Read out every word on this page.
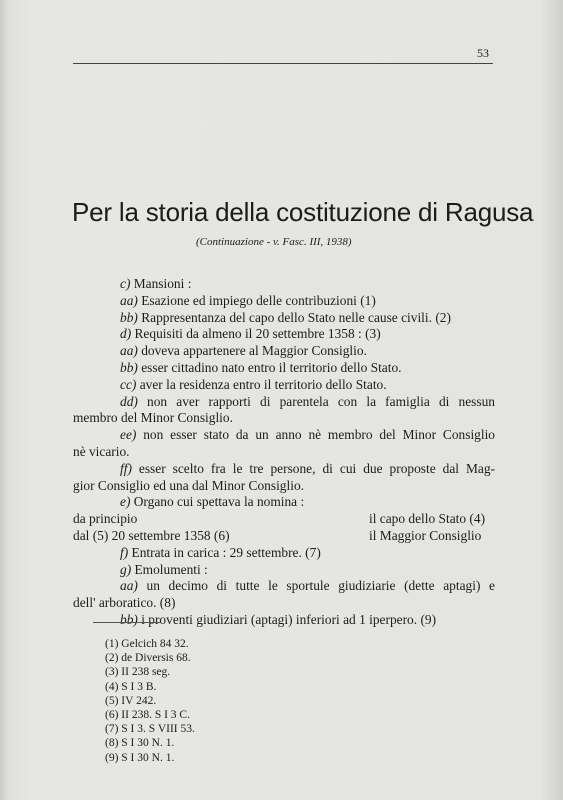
53
Per la storia della costituzione di Ragusa
(Continuazione - v. Fasc. III, 1938)
c) Mansioni :
aa) Esazione ed impiego delle contribuzioni (1)
bb) Rappresentanza del capo dello Stato nelle cause civili. (2)
d) Requisiti da almeno il 20 settembre 1358 : (3)
aa) doveva appartenere al Maggior Consiglio.
bb) esser cittadino nato entro il territorio dello Stato.
cc) aver la residenza entro il territorio dello Stato.
dd) non aver rapporti di parentela con la famiglia di nessun
membro del Minor Consiglio.
ee) non esser stato da un anno nè membro del Minor Consiglio
nè vicario.
ff) esser scelto fra le tre persone, di cui due proposte dal Mag-
gior Consiglio ed una dal Minor Consiglio.
e) Organo cui spettava la nomina :
da principio	il capo dello Stato (4)
dal (5) 20 settembre 1358 (6)	il Maggior Consiglio
f) Entrata in carica : 29 settembre. (7)
g) Emolumenti :
aa) un decimo di tutte le sportule giudiziarie (dette aptagi) e
dell' arboratico. (8)
bb) i proventi giudiziari (aptagi) inferiori ad 1 iperpero. (9)
(1) Gelcich 84 32.
(2) de Diversis 68.
(3) II 238 seg.
(4) S I 3 B.
(5) IV 242.
(6) II 238. S I 3 C.
(7) S I 3. S VIII 53.
(8) S I 30 N. 1.
(9) S I 30 N. 1.
